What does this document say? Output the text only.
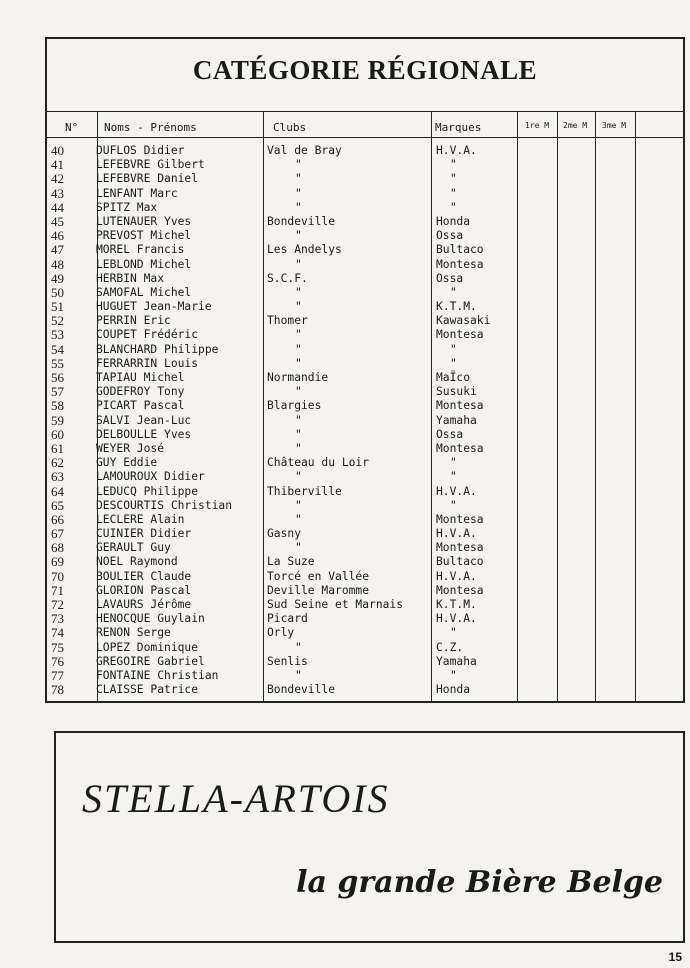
CATÉGORIE RÉGIONALE
N° Noms - Prénoms	Clubs	Marques	1re M 2me M 3me M
40	DUFLOS Didier	Val de Bray	H.V.A.
41	LEFEBVRE Gilbert	"	"
42	LEFEBVRE Daniel	"	"
43	LENFANT Marc	"	"
44	SPITZ Max	"	"
45	LUTENAUER Yves	Bondeville	Honda
46	PREVOST Michel	"	Ossa
47	MOREL Francis	Les Andelys	Bultaco
48	LEBLOND Michel	"	Montesa
49	HERBIN Max	S.C.F.	Ossa
50	SAMOFAL Michel	"	"
51	HUGUET Jean-Marie	"	K.T.M.
52	PERRIN Eric	Thomer	Kawasaki
53	COUPET Frédéric	"	Montesa
54	BLANCHARD Philippe	"	"
55	FERRARRIN Louis	"	"
56	TAPIAU Michel	Normandie	MaÏco
57	GODEFROY Tony	"	Susuki
58	PICART Pascal	Blargies	Montesa
59	SALVI Jean-Luc	"	Yamaha
60	DELBOULLE Yves	"	Ossa
61	WEYER José	"	Montesa
62	GUY Eddie	Château du Loir	"
63	LAMOUROUX Didier	"	"
64	LEDUCQ Philippe	Thiberville	H.V.A.
65	DESCOURTIS Christian	"	"
66	LECLERE Alain	"	Montesa
67	CUINIER Didier	Gasny	H.V.A.
68	GERAULT Guy	"	Montesa
69	NOEL Raymond	La Suze	Bultaco
70	BOULIER Claude	Torcé en Vallée	H.V.A.
71	GLORION Pascal	Deville Maromme	Montesa
72	LAVAURS Jérôme	Sud Seine et Marnais	K.T.M.
73	HENOCQUE Guylain	Picard	H.V.A.
74	RENON Serge	Orly	"
75	LOPEZ Dominique	"	C.Z.
76	GREGOIRE Gabriel	Senlis	Yamaha
77	FONTAINE Christian	"	"
78	CLAISSE Patrice	Bondeville	Honda
STELLA-ARTOIS
la grande Bière Belge
15
